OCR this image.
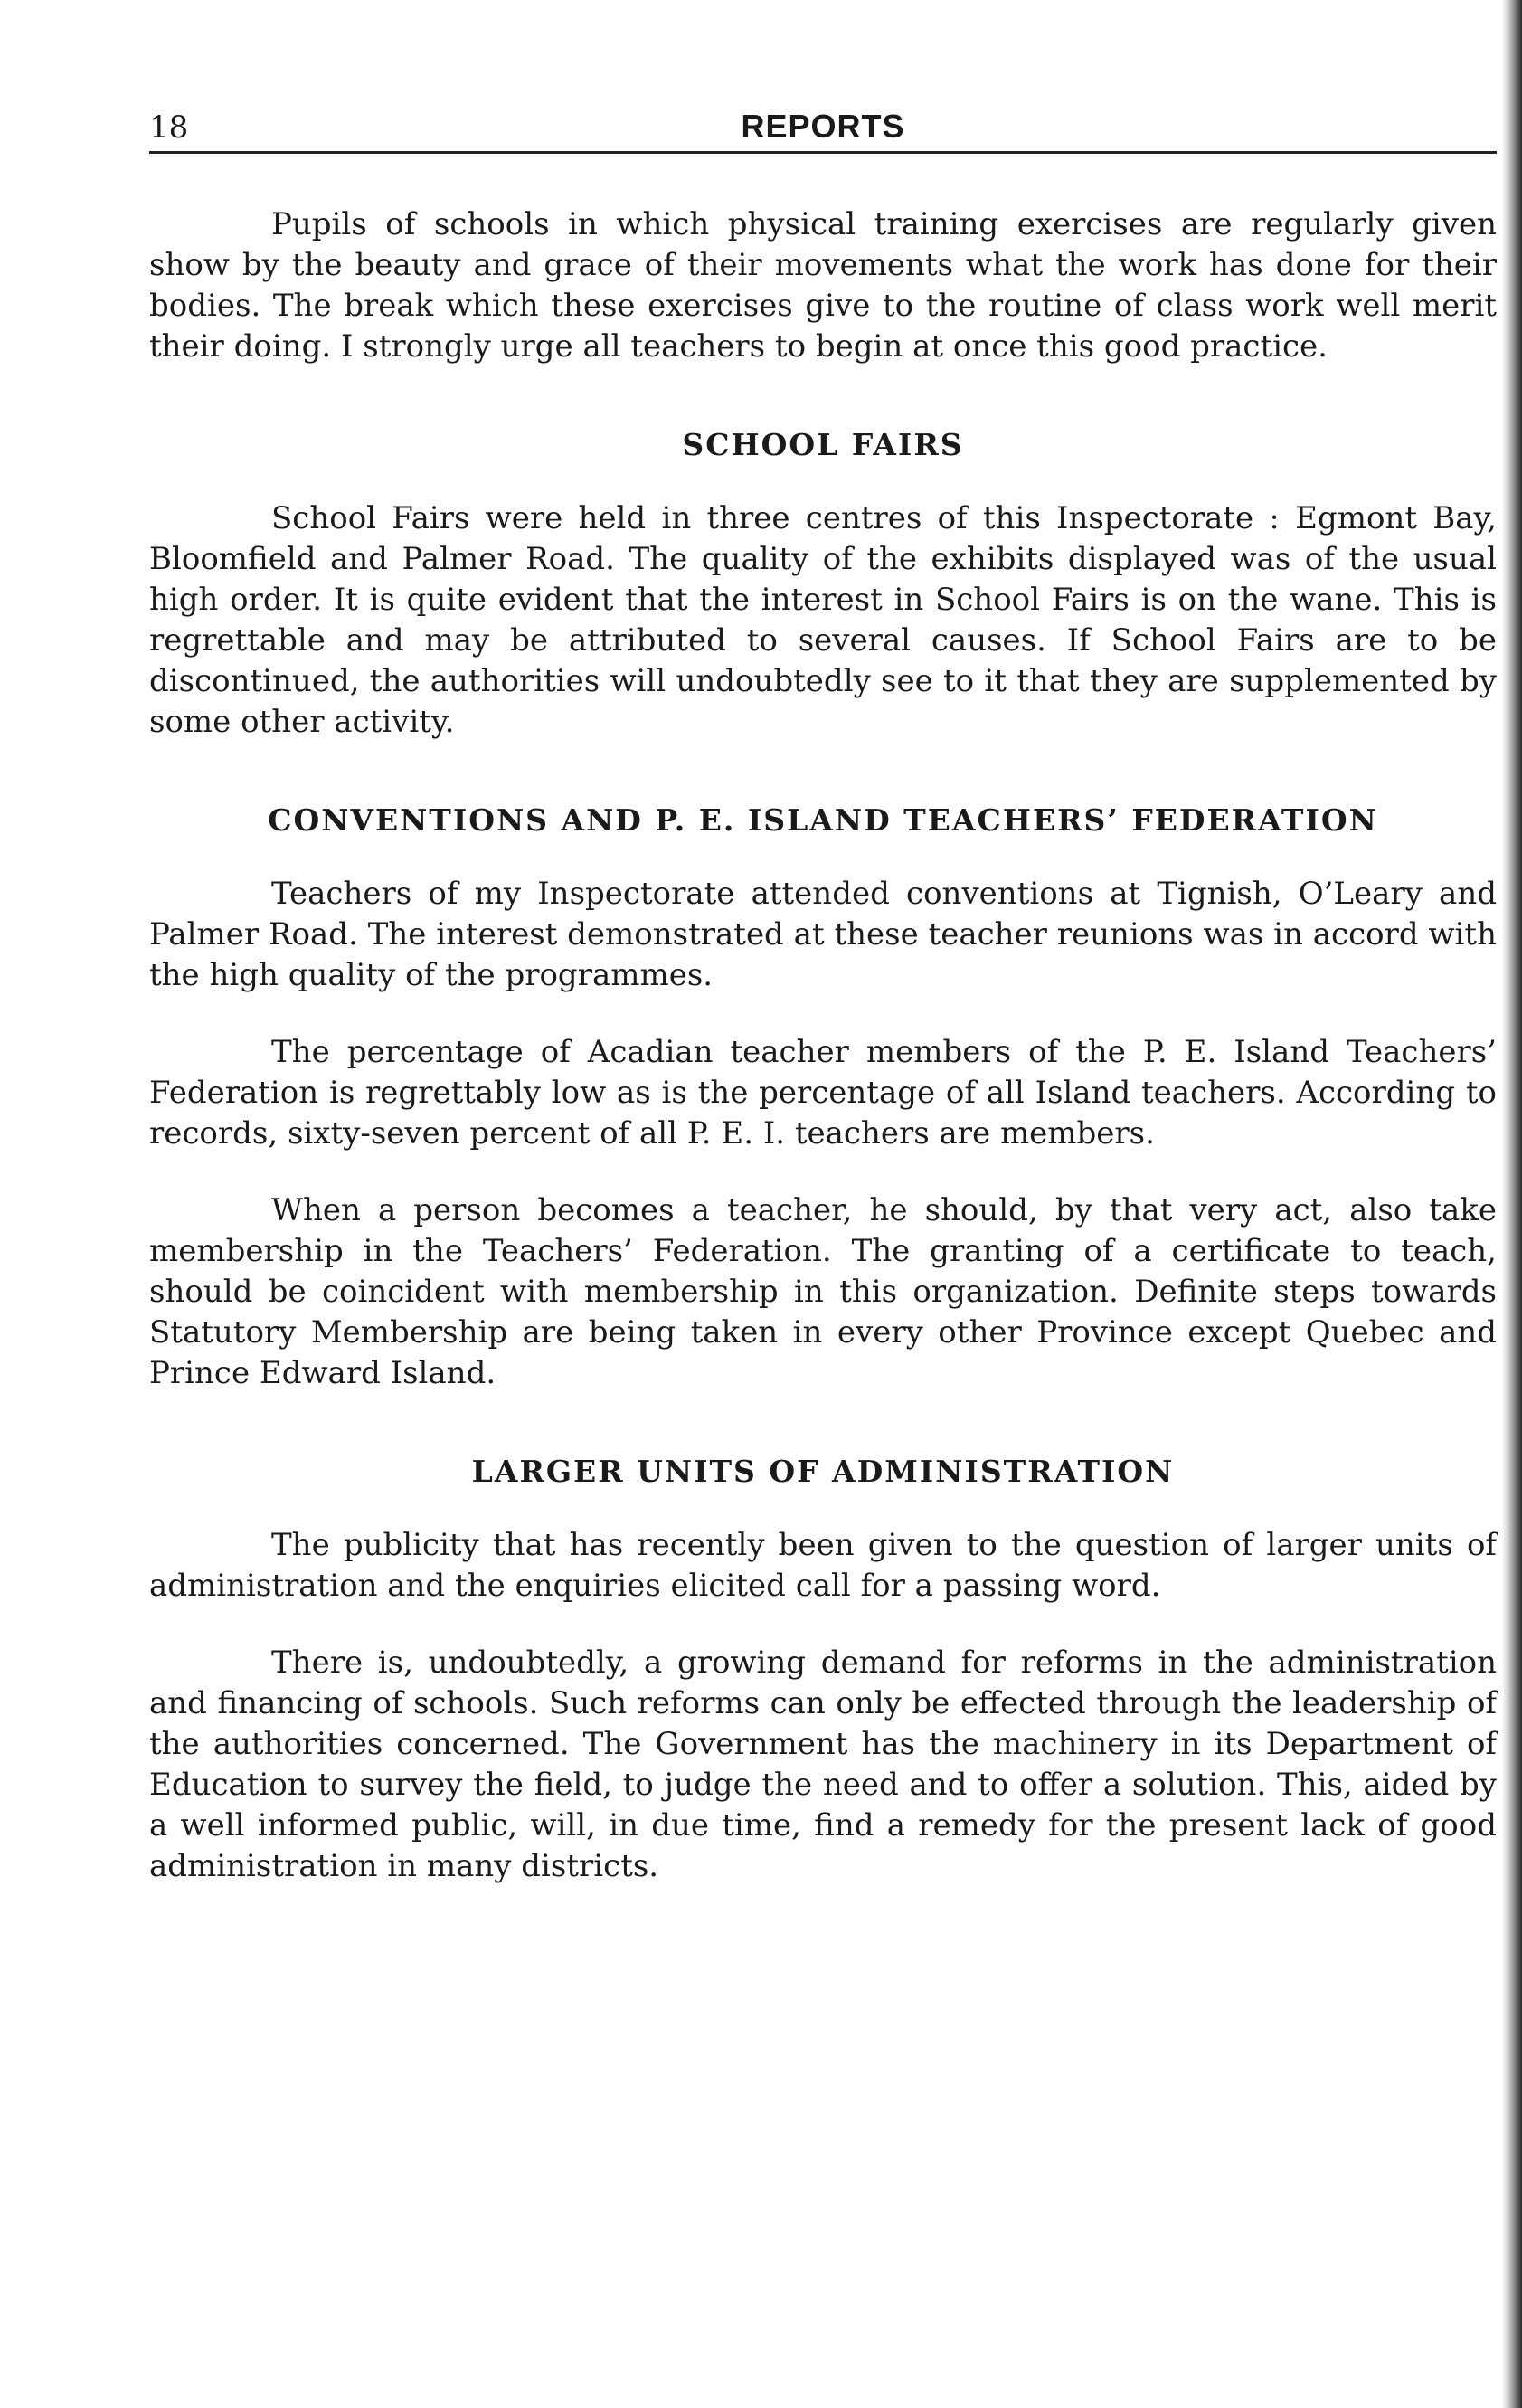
18	REPORTS

Pupils of schools in which physical training exercises are regularly given show by the beauty and grace of their movements what the work has done for their bodies. The break which these exercises give to the routine of class work well merit their doing. I strongly urge all teachers to begin at once this good practice.

SCHOOL FAIRS

School Fairs were held in three centres of this Inspectorate : Egmont Bay, Bloomfield and Palmer Road. The quality of the exhibits displayed was of the usual high order. It is quite evident that the interest in School Fairs is on the wane. This is regrettable and may be attributed to several causes. If School Fairs are to be discontinued, the authorities will undoubtedly see to it that they are supplemented by some other activity.

CONVENTIONS AND P. E. ISLAND TEACHERS’ FEDERATION

Teachers of my Inspectorate attended conventions at Tignish, O’Leary and Palmer Road. The interest demonstrated at these teacher reunions was in accord with the high quality of the programmes.

The percentage of Acadian teacher members of the P. E. Island Teachers’ Federation is regrettably low as is the percentage of all Island teachers. According to records, sixty-seven percent of all P. E. I. teachers are members.

When a person becomes a teacher, he should, by that very act, also take membership in the Teachers’ Federation. The granting of a certificate to teach, should be coincident with membership in this organization. Definite steps towards Statutory Membership are being taken in every other Province except Quebec and Prince Edward Island.

LARGER UNITS OF ADMINISTRATION

The publicity that has recently been given to the question of larger units of administration and the enquiries elicited call for a passing word.

There is, undoubtedly, a growing demand for reforms in the administration and financing of schools. Such reforms can only be effected through the leadership of the authorities concerned. The Government has the machinery in its Department of Education to survey the field, to judge the need and to offer a solution. This, aided by a well informed public, will, in due time, find a remedy for the present lack of good administration in many districts.
